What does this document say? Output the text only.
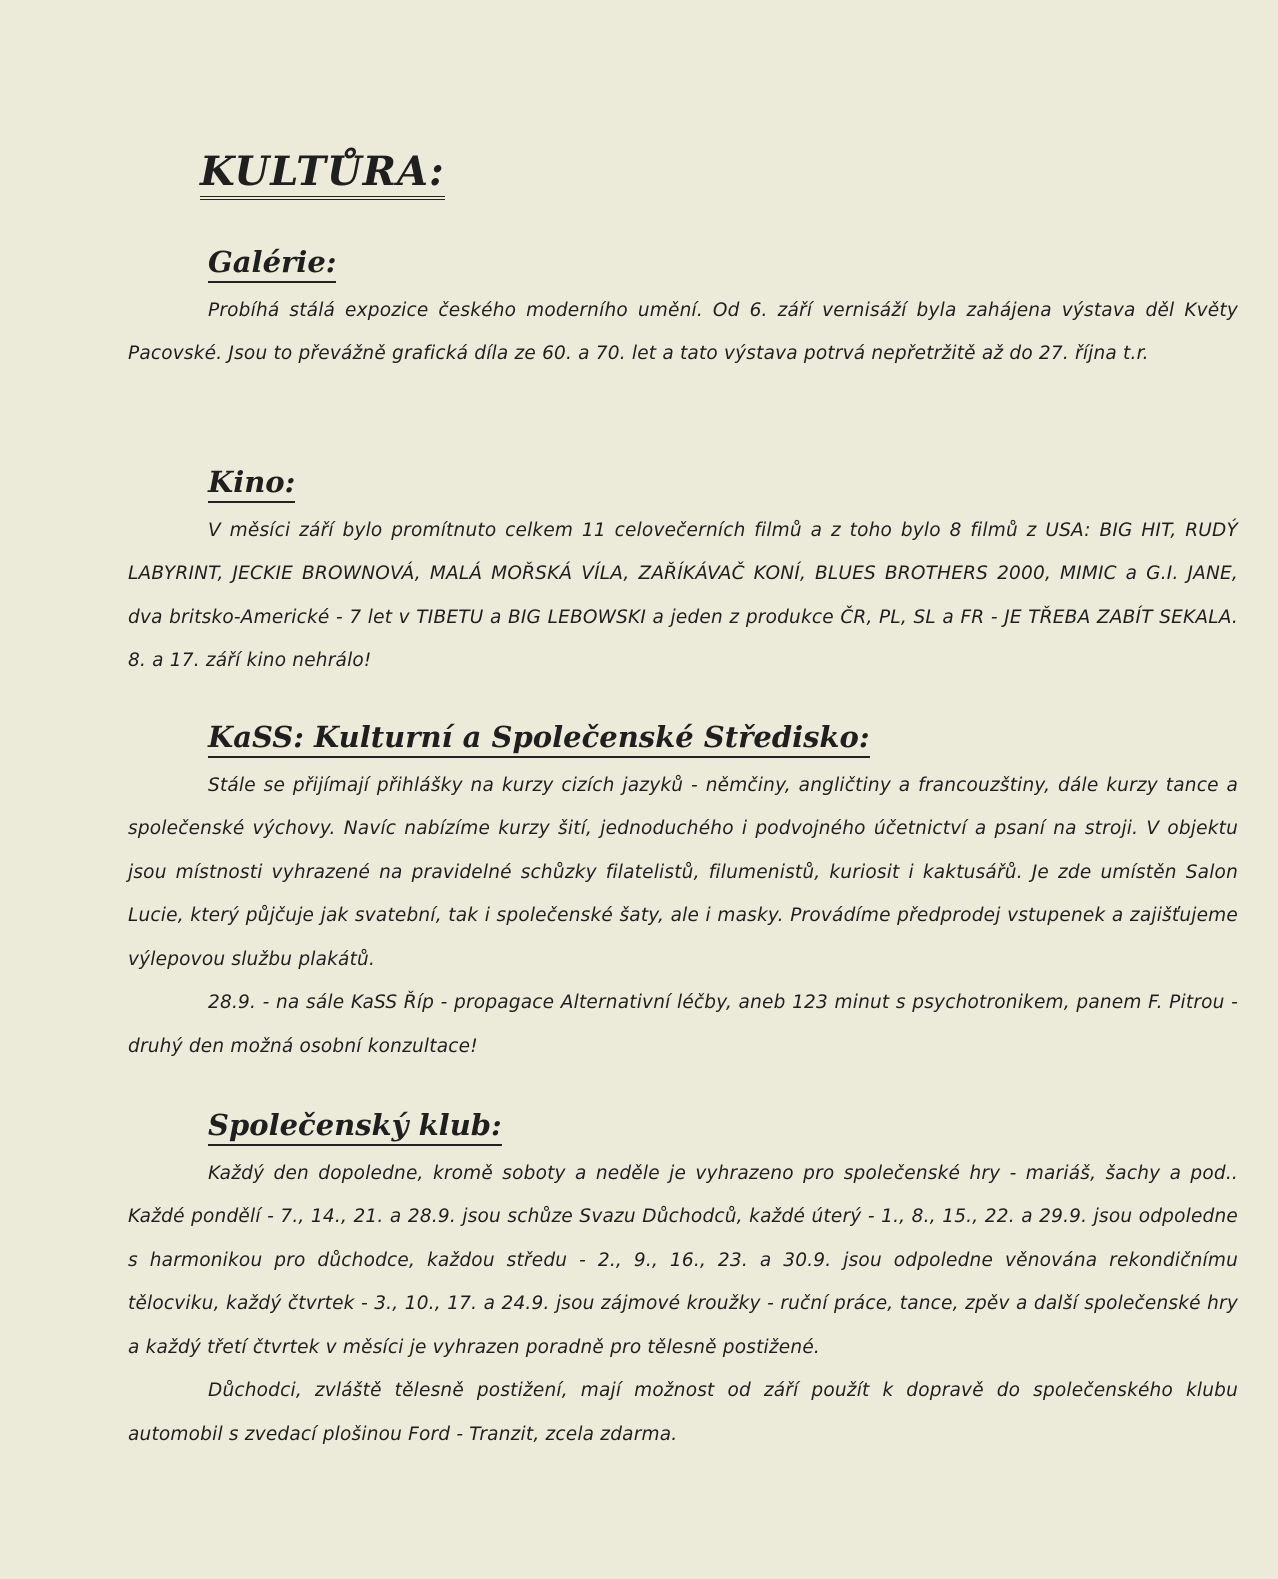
KULTŮRA:
Galérie:

Probíhá stálá expozice českého moderního umění. Od 6. září vernisáží byla zahájena výstava děl Květy Pacovské. Jsou to převážně grafická díla ze 60. a 70. let a tato výstava potrvá nepřetržitě až do 27. října t.r.

Kino:

V měsíci září bylo promítnuto celkem 11 celovečerních filmů a z toho bylo 8 filmů z USA: BIG HIT, RUDÝ LABYRINT, JECKIE BROWNOVÁ, MALÁ MOŘSKÁ VÍLA, ZAŘÍKÁVAČ KONÍ, BLUES BROTHERS 2000, MIMIC a G.I. JANE, dva britsko-Americké - 7 let v TIBETU a BIG LEBOWSKI a jeden z produkce ČR, PL, SL a FR - JE TŘEBA ZABÍT SEKALA. 8. a 17. září kino nehrálo!

KaSS: Kulturní a Společenské Středisko:

Stále se přijímají přihlášky na kurzy cizích jazyků - němčiny, angličtiny a francouzštiny, dále kurzy tance a společenské výchovy. Navíc nabízíme kurzy šití, jednoduchého i podvojného účetnictví a psaní na stroji. V objektu jsou místnosti vyhrazené na pravidelné schůzky filatelistů, filumenistů, kuriosit i kaktusářů. Je zde umístěn Salon Lucie, který půjčuje jak svatební, tak i společenské šaty, ale i masky. Provádíme předprodej vstupenek a zajišťujeme výlepovou službu plakátů.

28.9. - na sále KaSS Říp - propagace Alternativní léčby, aneb 123 minut s psychotronikem, panem F. Pitrou - druhý den možná osobní konzultace!

Společenský klub:

Každý den dopoledne, kromě soboty a neděle je vyhrazeno pro společenské hry - mariáš, šachy a pod.. Každé pondělí - 7., 14., 21. a 28.9. jsou schůze Svazu Důchodců, každé úterý - 1., 8., 15., 22. a 29.9. jsou odpoledne s harmonikou pro důchodce, každou středu - 2., 9., 16., 23. a 30.9. jsou odpoledne věnována rekondičnímu tělocviku, každý čtvrtek - 3., 10., 17. a 24.9. jsou zájmové kroužky - ruční práce, tance, zpěv a další společenské hry a každý třetí čtvrtek v měsíci je vyhrazen poradně pro tělesně postižené.

Důchodci, zvláště tělesně postižení, mají možnost od září použít k dopravě do společenského klubu automobil s zvedací plošinou Ford - Tranzit, zcela zdarma.
